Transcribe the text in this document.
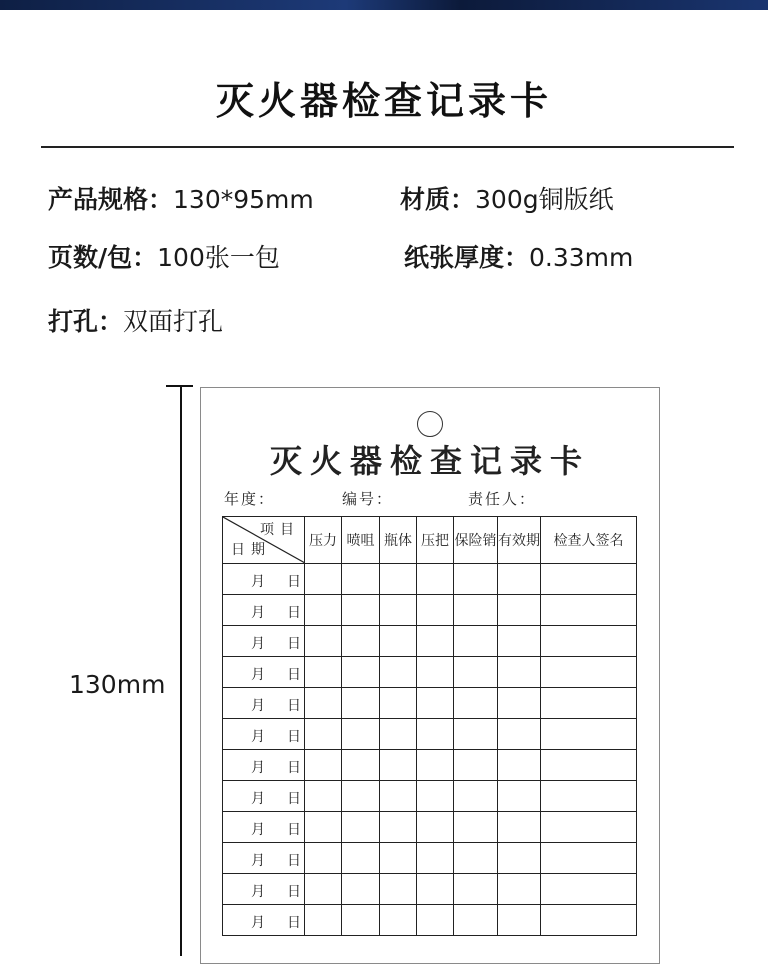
灭火器检查记录卡
产品规格：130*95mm	材质：300g铜版纸
页数/包：100张一包	纸张厚度：0.33mm
打孔：双面打孔
130mm
灭火器检查记录卡
年度：	编号：	责任人：
项目
日期	压力	喷咀	瓶体	压把	保险销	有效期	检查人签名

月 日							

月 日							

月 日							

月 日							

月 日							

月 日							

月 日							

月 日							

月 日							

月 日							

月 日							

月 日							
